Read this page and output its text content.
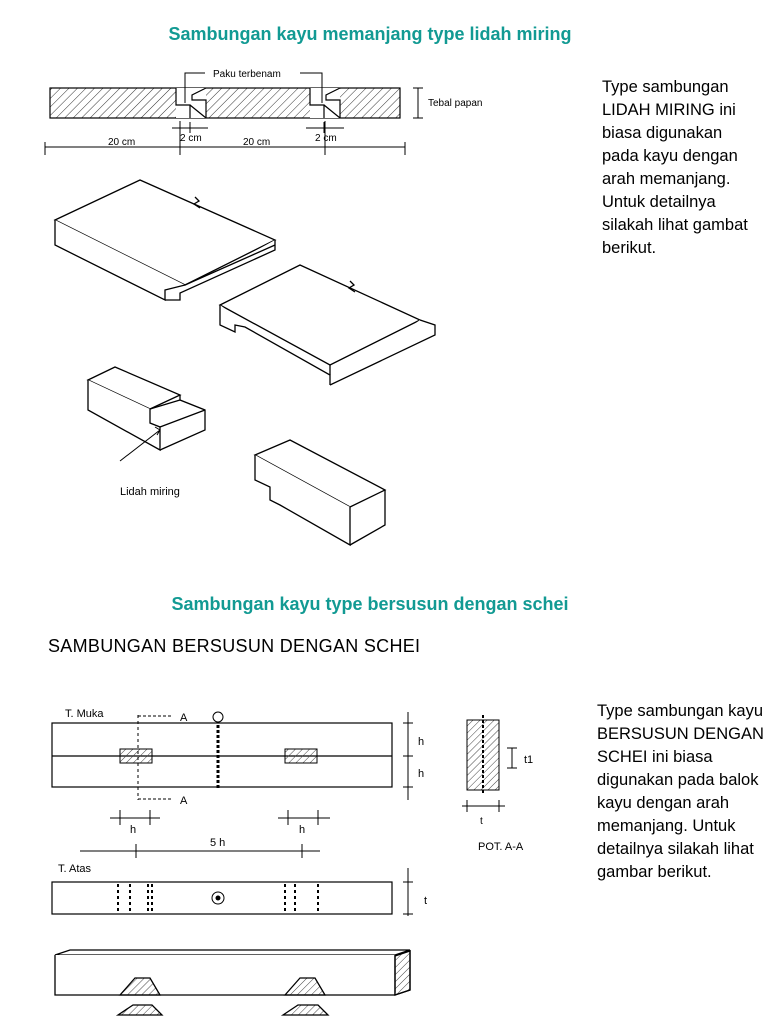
Sambungan kayu memanjang type lidah miring
Paku terbenam
Tebal papan
20 cm	20 cm
2 cm	2 cm
Lidah miring
Type sambungan LIDAH MIRING ini biasa digunakan pada kayu dengan arah memanjang. Untuk detailnya silakah lihat gambat berikut.
Sambungan kayu type bersusun dengan schei
SAMBUNGAN BERSUSUN DENGAN SCHEI
T. Muka	A
A
h
h
h	h
5 h
t1
t
POT. A-A
T. Atas
t
Type sambungan kayu BERSUSUN DENGAN SCHEI ini biasa digunakan pada balok kayu dengan arah memanjang. Untuk detailnya silakah lihat gambar berikut.
